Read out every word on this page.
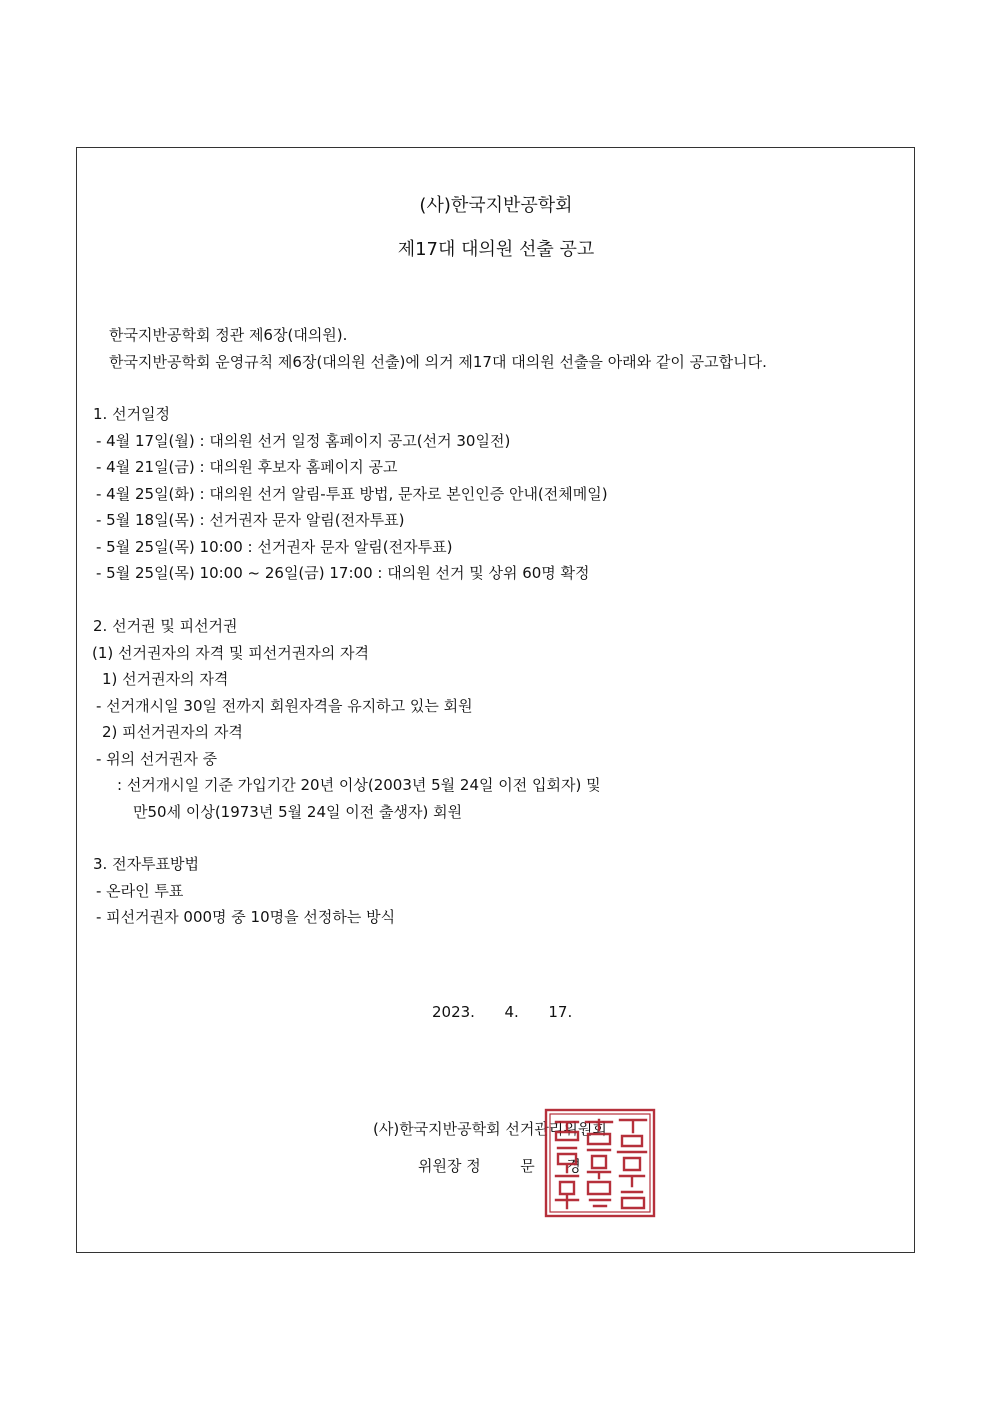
(사)한국지반공학회
제17대 대의원 선출 공고
한국지반공학회 정관 제6장(대의원).
한국지반공학회 운영규칙 제6장(대의원 선출)에 의거 제17대 대의원 선출을 아래와 같이 공고합니다.
1. 선거일정
- 4월 17일(월) : 대의원 선거 일정 홈페이지 공고(선거 30일전)
- 4월 21일(금) : 대의원 후보자 홈페이지 공고
- 4월 25일(화) : 대의원 선거 알림-투표 방법, 문자로 본인인증 안내(전체메일)
- 5월 18일(목) : 선거권자 문자 알림(전자투표)
- 5월 25일(목) 10:00 : 선거권자 문자 알림(전자투표)
- 5월 25일(목) 10:00 ~ 26일(금) 17:00 : 대의원 선거 및 상위 60명 확정
2. 선거권 및 피선거권
(1) 선거권자의 자격 및 피선거권자의 자격
1) 선거권자의 자격
- 선거개시일 30일 전까지 회원자격을 유지하고 있는 회원
2) 피선거권자의 자격
- 위의 선거권자 중
: 선거개시일 기준 가입기간 20년 이상(2003년 5월 24일 이전 입회자) 및
만50세 이상(1973년 5월 24일 이전 출생자) 회원
3. 전자투표방법
- 온라인 투표
- 피선거권자 000명 중 10명을 선정하는 방식
2023. 4. 17.
(사)한국지반공학회 선거관리위원회
위원장 정	문 경
